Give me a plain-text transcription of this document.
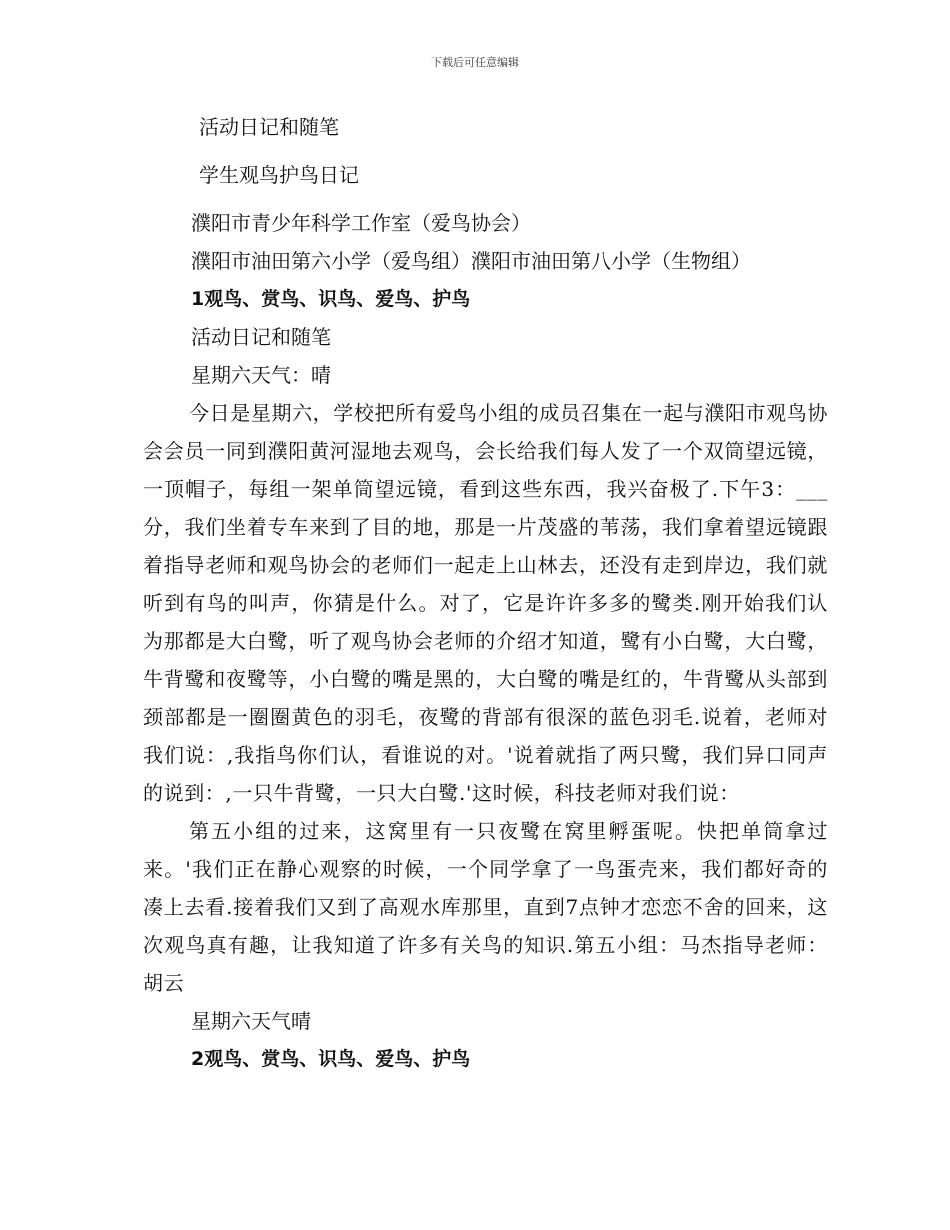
下载后可任意编辑
活动日记和随笔
学生观鸟护鸟日记
濮阳市青少年科学工作室（爱鸟协会）
濮阳市油田第六小学（爱鸟组）濮阳市油田第八小学（生物组）
1观鸟、赏鸟、识鸟、爱鸟、护鸟
活动日记和随笔
星期六天气：晴
今日是星期六，学校把所有爱鸟小组的成员召集在一起与濮阳市观鸟协会会员一同到濮阳黄河湿地去观鸟，会长给我们每人发了一个双筒望远镜，一顶帽子，每组一架单筒望远镜，看到这些东西，我兴奋极了.下午3：___分，我们坐着专车来到了目的地，那是一片茂盛的苇荡，我们拿着望远镜跟着指导老师和观鸟协会的老师们一起走上山林去，还没有走到岸边，我们就听到有鸟的叫声，你猜是什么。对了，它是许许多多的鹭类.刚开始我们认为那都是大白鹭，听了观鸟协会老师的介绍才知道，鹭有小白鹭，大白鹭，牛背鹭和夜鹭等，小白鹭的嘴是黑的，大白鹭的嘴是红的，牛背鹭从头部到颈部都是一圈圈黄色的羽毛，夜鹭的背部有很深的蓝色羽毛.说着，老师对我们说：,我指鸟你们认，看谁说的对。'说着就指了两只鹭，我们异口同声的说到：,一只牛背鹭，一只大白鹭.'这时候，科技老师对我们说：
第五小组的过来，这窝里有一只夜鹭在窝里孵蛋呢。快把单筒拿过来。'我们正在静心观察的时候，一个同学拿了一鸟蛋壳来，我们都好奇的凑上去看.接着我们又到了高观水库那里，直到7点钟才恋恋不舍的回来，这次观鸟真有趣，让我知道了许多有关鸟的知识.第五小组：马杰指导老师：胡云
星期六天气晴
2观鸟、赏鸟、识鸟、爱鸟、护鸟
